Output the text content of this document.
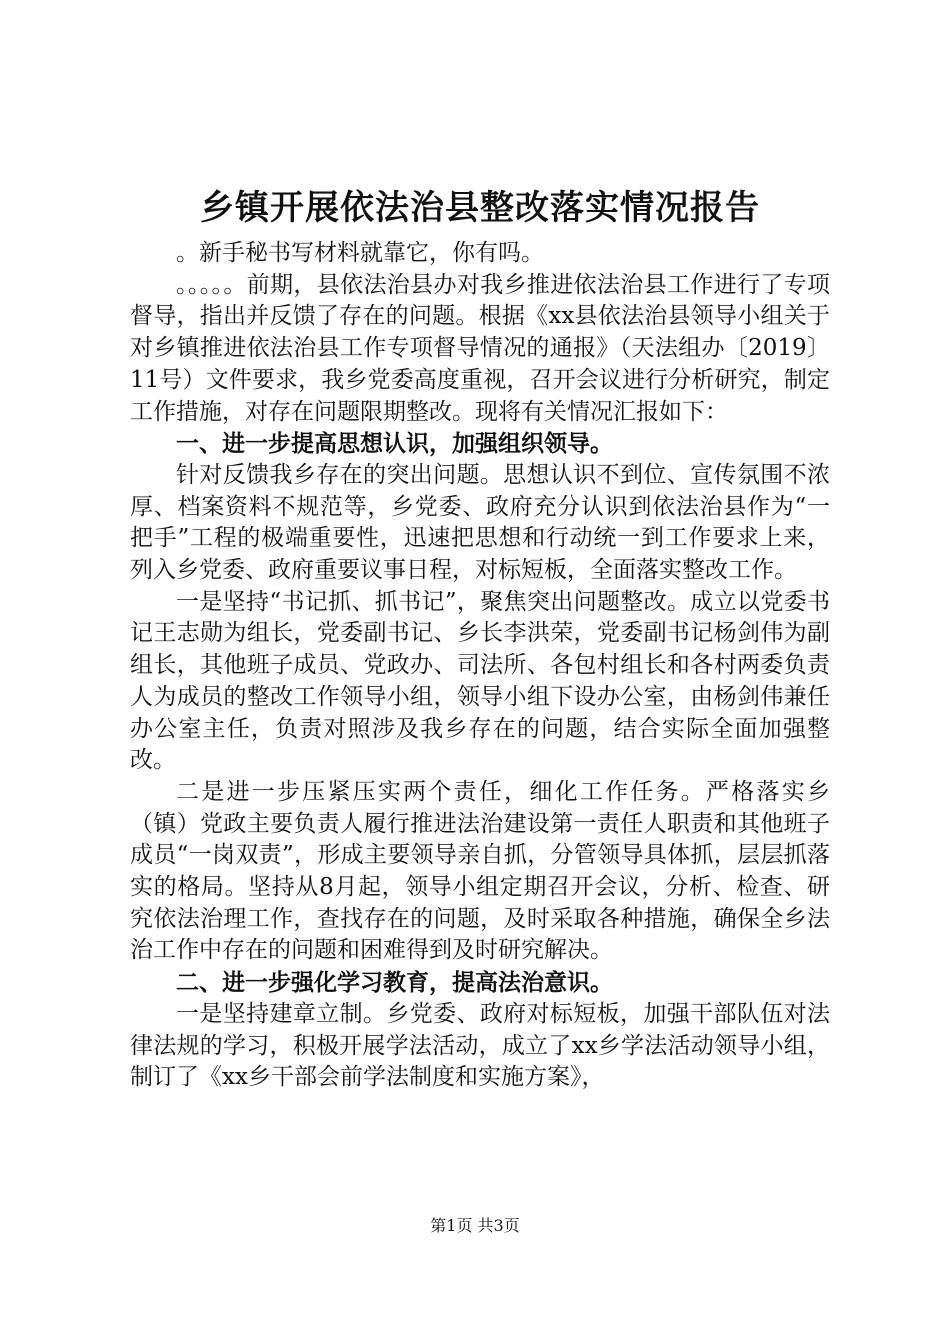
乡镇开展依法治县整改落实情况报告

。新手秘书写材料就靠它，你有吗。

。。。。。前期，县依法治县办对我乡推进依法治县工作进行了专项督导，指出并反馈了存在的问题。根据《xx县依法治县领导小组关于对乡镇推进依法治县工作专项督导情况的通报》（天法组办〔2019〕11号）文件要求，我乡党委高度重视，召开会议进行分析研究，制定工作措施，对存在问题限期整改。现将有关情况汇报如下：

一、进一步提高思想认识，加强组织领导。

针对反馈我乡存在的突出问题。思想认识不到位、宣传氛围不浓厚、档案资料不规范等，乡党委、政府充分认识到依法治县作为“一把手”工程的极端重要性，迅速把思想和行动统一到工作要求上来，列入乡党委、政府重要议事日程，对标短板，全面落实整改工作。

一是坚持“书记抓、抓书记”，聚焦突出问题整改。成立以党委书记王志勋为组长，党委副书记、乡长李洪荣，党委副书记杨剑伟为副组长，其他班子成员、党政办、司法所、各包村组长和各村两委负责人为成员的整改工作领导小组，领导小组下设办公室，由杨剑伟兼任办公室主任，负责对照涉及我乡存在的问题，结合实际全面加强整改。

二是进一步压紧压实两个责任，细化工作任务。严格落实乡（镇）党政主要负责人履行推进法治建设第一责任人职责和其他班子成员“一岗双责”，形成主要领导亲自抓，分管领导具体抓，层层抓落实的格局。坚持从8月起，领导小组定期召开会议，分析、检查、研究依法治理工作，查找存在的问题，及时采取各种措施，确保全乡法治工作中存在的问题和困难得到及时研究解决。

二、进一步强化学习教育，提高法治意识。

一是坚持建章立制。乡党委、政府对标短板，加强干部队伍对法律法规的学习，积极开展学法活动，成立了xx乡学法活动领导小组，制订了《xx乡干部会前学法制度和实施方案》，

第1页 共3页
